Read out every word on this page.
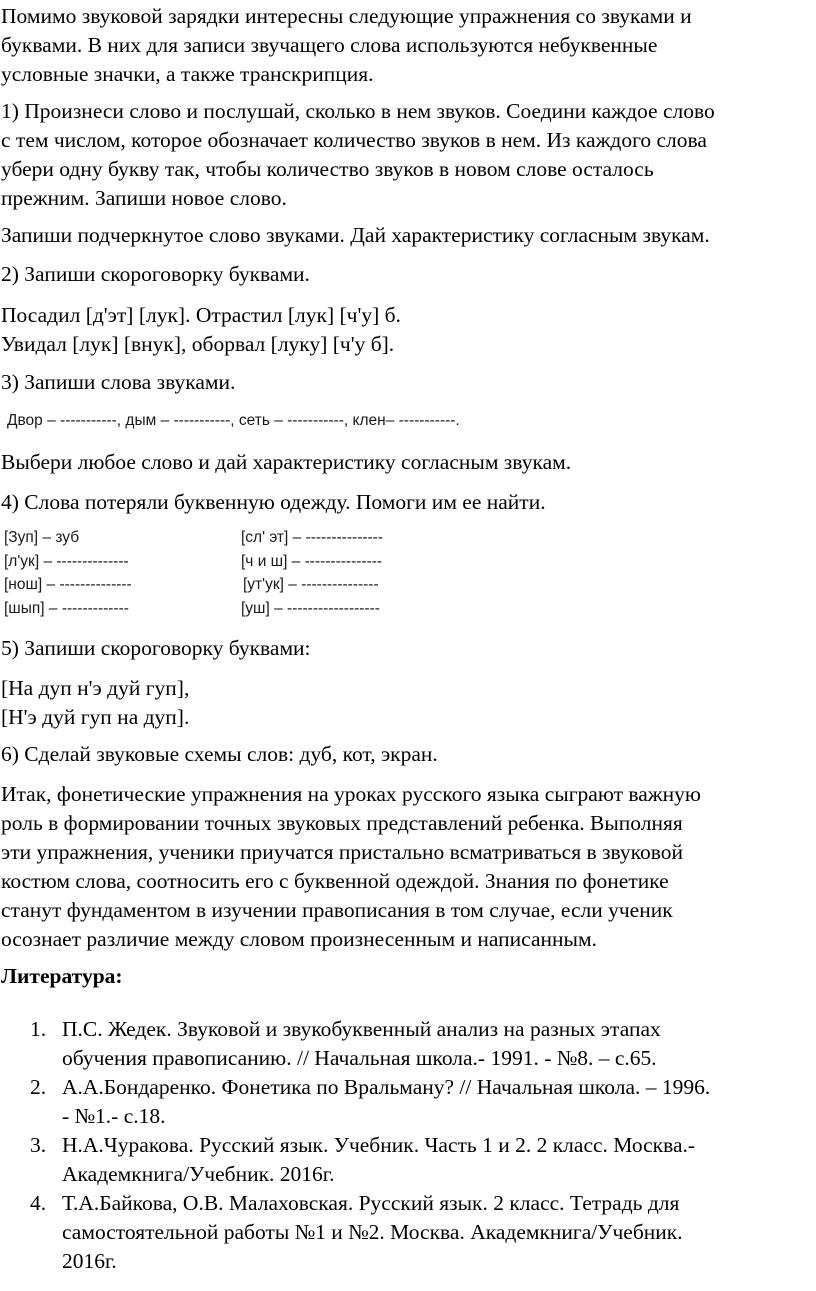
Помимо звуковой зарядки интересны следующие упражнения со звуками и
буквами. В них для записи звучащего слова используются небуквенные
условные значки, а также транскрипция.
1) Произнеси слово и послушай, сколько в нем звуков. Соедини каждое слово
с тем числом, которое обозначает количество звуков в нем. Из каждого слова
убери одну букву так, чтобы количество звуков в новом слове осталось
прежним. Запиши новое слово.
Запиши подчеркнутое слово звуками. Дай характеристику согласным звукам.
2) Запиши скороговорку буквами.
Посадил [д'эт] [лук]. Отрастил [лук] [ч'у] б.
Увидал [лук] [внук], оборвал [луку] [ч'у б].
3) Запиши слова звуками.
Двор – -----------, дым – -----------, сеть – -----------, клен– -----------.
Выбери любое слово и дай характеристику согласным звукам.
4) Слова потеряли буквенную одежду. Помоги им ее найти.
[Зуп] – зуб
[л'ук] – --------------
[нош] – --------------
[шып] – -------------
[сл' эт] – ---------------
[ч и ш] – ---------------
[ут'ук] – ---------------
[уш] – ------------------
5) Запиши скороговорку буквами:
[На дуп н'э дуй гуп],
[Н'э дуй гуп на дуп].
6) Сделай звуковые схемы слов: дуб, кот, экран.
Итак, фонетические упражнения на уроках русского языка сыграют важную
роль в формировании точных звуковых представлений ребенка. Выполняя
эти упражнения, ученики приучатся пристально всматриваться в звуковой
костюм слова, соотносить его с буквенной одеждой. Знания по фонетике
станут фундаментом в изучении правописания в том случае, если ученик
осознает различие между словом произнесенным и написанным.
Литература:
1. П.С. Жедек. Звуковой и звукобуквенный анализ на разных этапах
обучения правописанию. // Начальная школа.- 1991. - №8. – с.65.
2. А.А.Бондаренко. Фонетика по Вральману? // Начальная школа. – 1996.
- №1.- с.18.
3. Н.А.Чуракова. Русский язык. Учебник. Часть 1 и 2. 2 класс. Москва.-
Академкнига/Учебник. 2016г.
4. Т.А.Байкова, О.В. Малаховская. Русский язык. 2 класс. Тетрадь для
самостоятельной работы №1 и №2. Москва. Академкнига/Учебник.
2016г.
